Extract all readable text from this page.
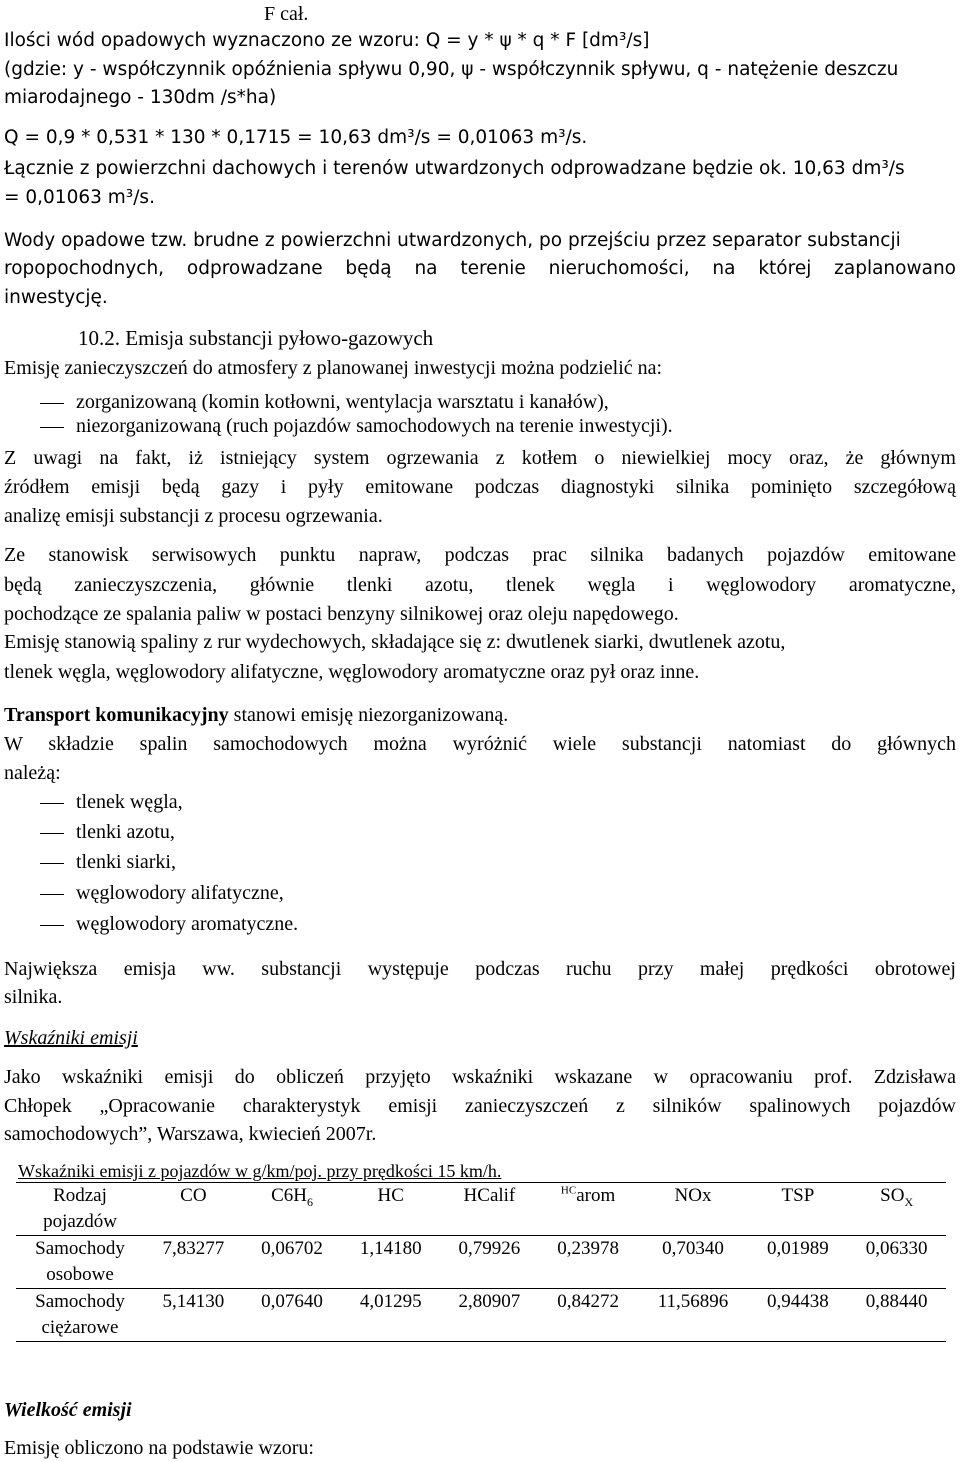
F cał.
Ilości wód opadowych wyznaczono ze wzoru: Q = y * ψ * q * F [dm³/s]
(gdzie: y - współczynnik opóźnienia spływu 0,90, ψ - współczynnik spływu, q - natężenie deszczu
miarodajnego - 130dm /s*ha)
Q = 0,9 * 0,531 * 130 * 0,1715 = 10,63 dm³/s = 0,01063 m³/s.
Łącznie z powierzchni dachowych i terenów utwardzonych odprowadzane będzie ok. 10,63 dm³/s
= 0,01063 m³/s.
Wody opadowe tzw. brudne z powierzchni utwardzonych, po przejściu przez separator substancji
ropopochodnych, odprowadzane będą na terenie nieruchomości, na której zaplanowano
inwestycję.
10.2. Emisja substancji pyłowo-gazowych
Emisję zanieczyszczeń do atmosfery z planowanej inwestycji można podzielić na:
zorganizowaną (komin kotłowni, wentylacja warsztatu i kanałów),
niezorganizowaną (ruch pojazdów samochodowych na terenie inwestycji).
Z uwagi na fakt, iż istniejący system ogrzewania z kotłem o niewielkiej mocy oraz, że głównym
źródłem emisji będą gazy i pyły emitowane podczas diagnostyki silnika pominięto szczegółową
analizę emisji substancji z procesu ogrzewania.
Ze stanowisk serwisowych punktu napraw, podczas prac silnika badanych pojazdów emitowane
będą zanieczyszczenia, głównie tlenki azotu, tlenek węgla i węglowodory aromatyczne,
pochodzące ze spalania paliw w postaci benzyny silnikowej oraz oleju napędowego.
Emisję stanowią spaliny z rur wydechowych, składające się z: dwutlenek siarki, dwutlenek azotu,
tlenek węgla, węglowodory alifatyczne, węglowodory aromatyczne oraz pył oraz inne.
Transport komunikacyjny stanowi emisję niezorganizowaną.
W składzie spalin samochodowych można wyróżnić wiele substancji natomiast do głównych
należą:
tlenek węgla,
tlenki azotu,
tlenki siarki,
węglowodory alifatyczne,
węglowodory aromatyczne.
Największa emisja ww. substancji występuje podczas ruchu przy małej prędkości obrotowej
silnika.
Wskaźniki emisji
Jako wskaźniki emisji do obliczeń przyjęto wskaźniki wskazane w opracowaniu prof. Zdzisława
Chłopek „Opracowanie charakterystyk emisji zanieczyszczeń z silników spalinowych pojazdów
samochodowych”, Warszawa, kwiecień 2007r.
Wskaźniki emisji z pojazdów w g/km/poj. przy prędkości 15 km/h.
Rodzaj pojazdów	CO	$C6H_6$	HC	HCalif	$^{HC}$arom	NOx	TSP	$SO_X$
Samochody osobowe	7,83277	0,06702	1,14180	0,79926	0,23978	0,70340	0,01989	0,06330
Samochody ciężarowe	5,14130	0,07640	4,01295	2,80907	0,84272	11,56896	0,94438	0,88440
Wielkość emisji
Emisję obliczono na podstawie wzoru:
